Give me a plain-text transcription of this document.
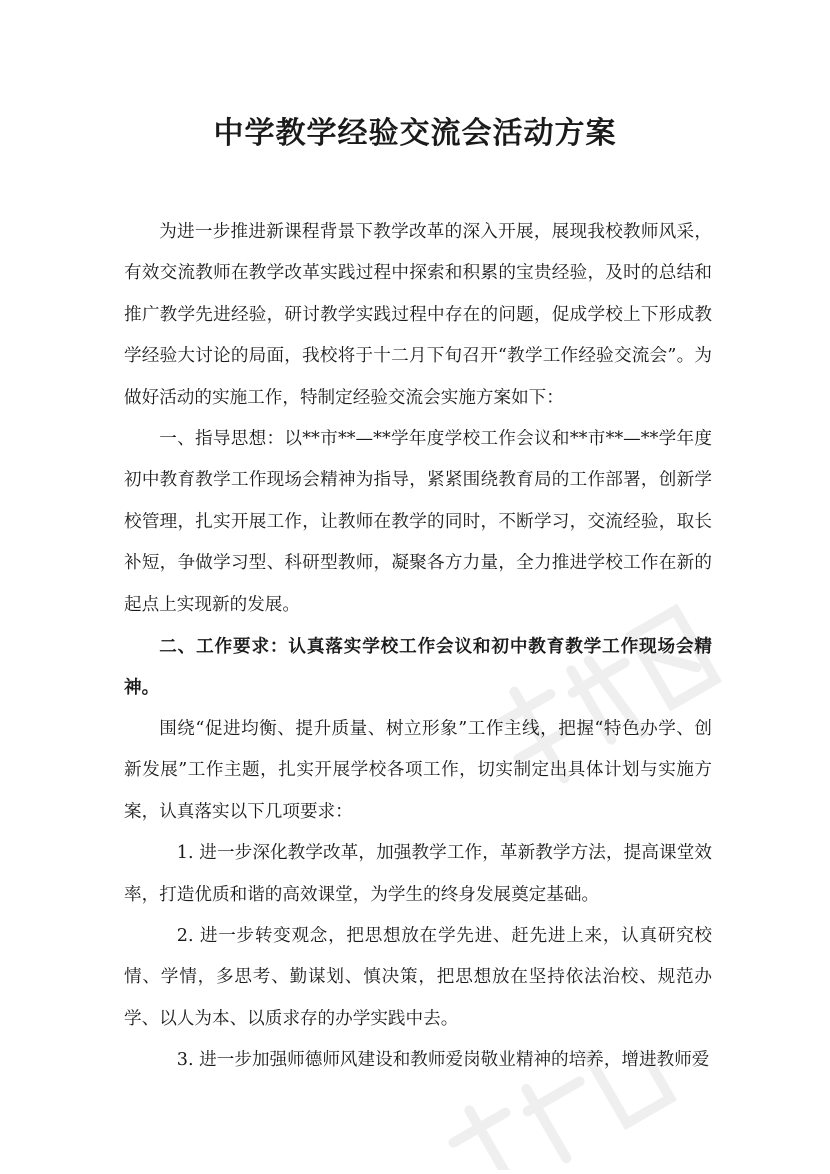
中学教学经验交流会活动方案

为进一步推进新课程背景下教学改革的深入开展，展现我校教师风采，有效交流教师在教学改革实践过程中探索和积累的宝贵经验，及时的总结和推广教学先进经验，研讨教学实践过程中存在的问题，促成学校上下形成教学经验大讨论的局面，我校将于十二月下旬召开“教学工作经验交流会”。为做好活动的实施工作，特制定经验交流会实施方案如下：

一、指导思想：以**市**—**学年度学校工作会议和**市**—**学年度初中教育教学工作现场会精神为指导，紧紧围绕教育局的工作部署，创新学校管理，扎实开展工作，让教师在教学的同时，不断学习，交流经验，取长补短，争做学习型、科研型教师，凝聚各方力量，全力推进学校工作在新的起点上实现新的发展。

二、工作要求：认真落实学校工作会议和初中教育教学工作现场会精神。

围绕“促进均衡、提升质量、树立形象”工作主线，把握“特色办学、创新发展”工作主题，扎实开展学校各项工作，切实制定出具体计划与实施方案，认真落实以下几项要求：

1. 进一步深化教学改革，加强教学工作，革新教学方法，提高课堂效率，打造优质和谐的高效课堂，为学生的终身发展奠定基础。

2. 进一步转变观念，把思想放在学先进、赶先进上来，认真研究校情、学情，多思考、勤谋划、慎决策，把思想放在坚持依法治校、规范办学、以人为本、以质求存的办学实践中去。

3. 进一步加强师德师风建设和教师爱岗敬业精神的培养，增进教师爱
